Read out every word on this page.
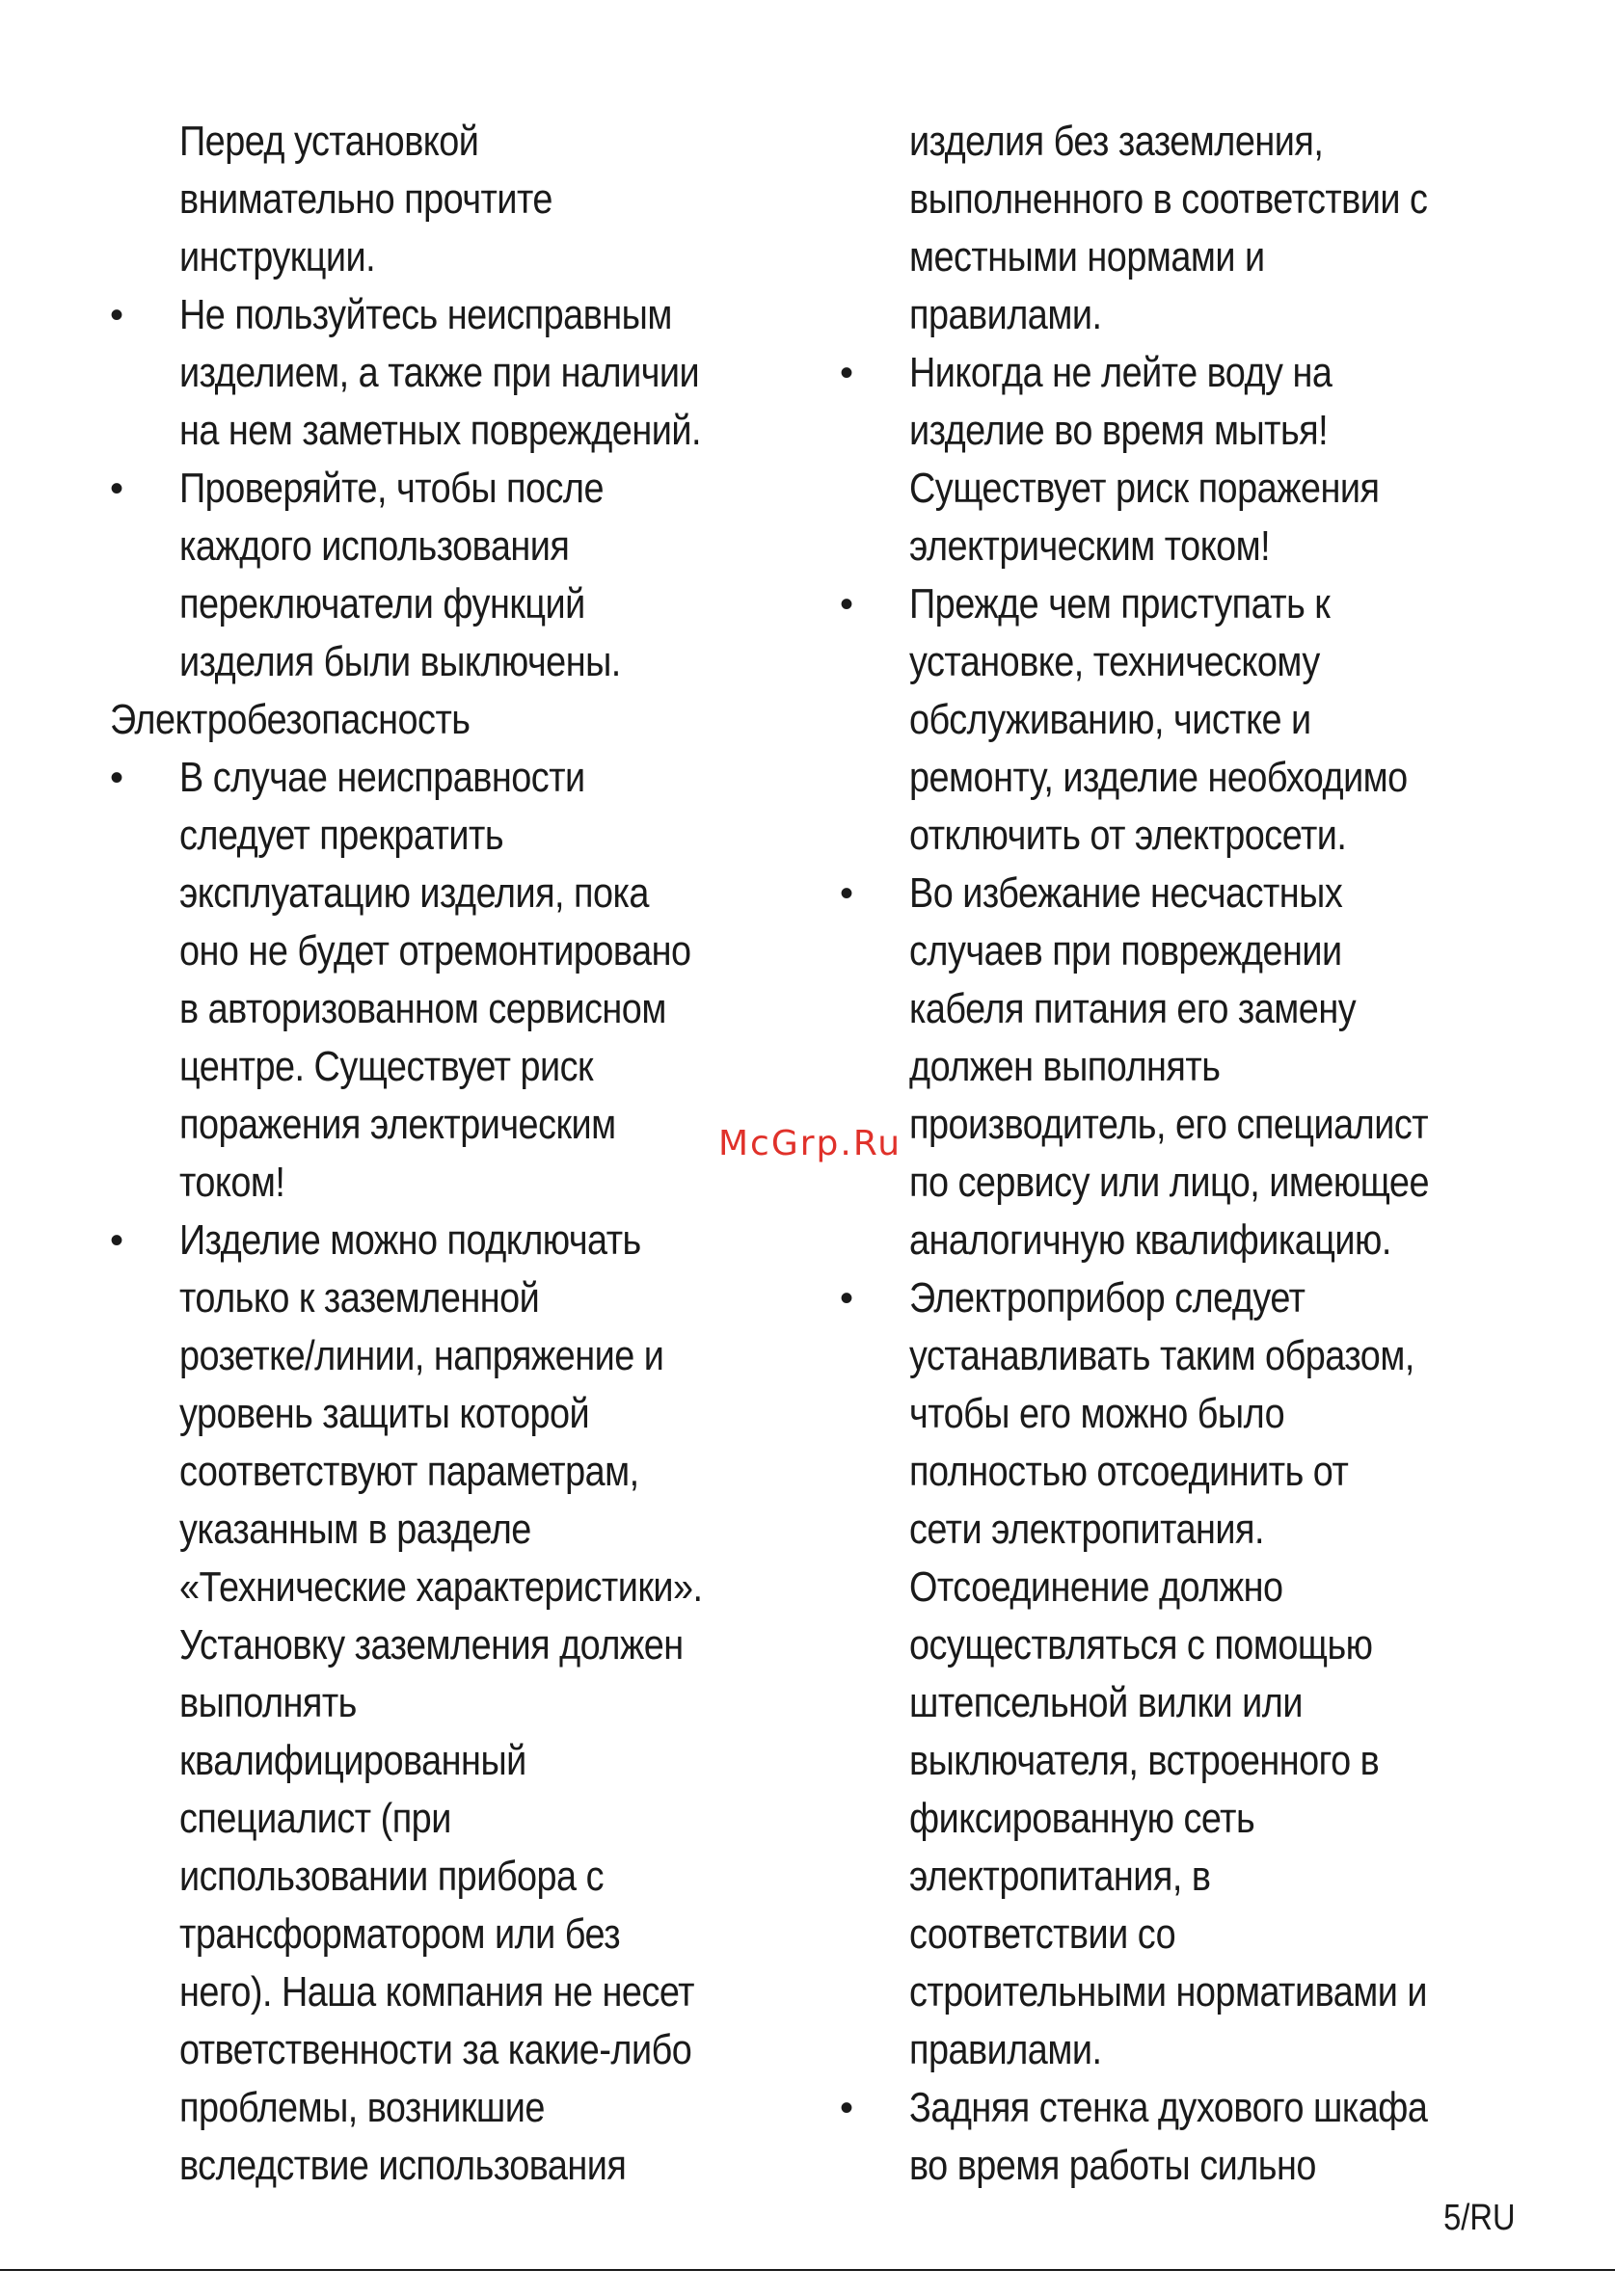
Перед установкой
внимательно прочтите
инструкции.
• Не пользуйтесь неисправным
изделием, а также при наличии
на нем заметных повреждений.
• Проверяйте, чтобы после
каждого использования
переключатели функций
изделия были выключены.
Электробезопасность
• В случае неисправности
следует прекратить
эксплуатацию изделия, пока
оно не будет отремонтировано
в авторизованном сервисном
центре. Существует риск
поражения электрическим
током!
• Изделие можно подключать
только к заземленной
розетке/линии, напряжение и
уровень защиты которой
соответствуют параметрам,
указанным в разделе
«Технические характеристики».
Установку заземления должен
выполнять
квалифицированный
специалист (при
использовании прибора с
трансформатором или без
него). Наша компания не несет
ответственности за какие-либо
проблемы, возникшие
вследствие использования
изделия без заземления,
выполненного в соответствии с
местными нормами и
правилами.
• Никогда не лейте воду на
изделие во время мытья!
Существует риск поражения
электрическим током!
• Прежде чем приступать к
установке, техническому
обслуживанию, чистке и
ремонту, изделие необходимо
отключить от электросети.
• Во избежание несчастных
случаев при повреждении
кабеля питания его замену
должен выполнять
производитель, его специалист
по сервису или лицо, имеющее
аналогичную квалификацию.
• Электроприбор следует
устанавливать таким образом,
чтобы его можно было
полностью отсоединить от
сети электропитания.
Отсоединение должно
осуществляться с помощью
штепсельной вилки или
выключателя, встроенного в
фиксированную сеть
электропитания, в
соответствии со
строительными нормативами и
правилами.
• Задняя стенка духового шкафа
во время работы сильно
McGrp.Ru
5/RU
